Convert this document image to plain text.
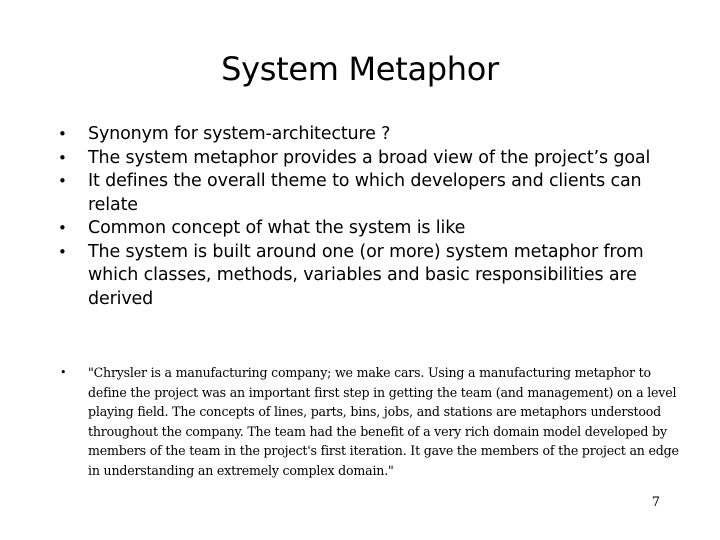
System Metaphor
• Synonym for system-architecture ?
• The system metaphor provides a broad view of the project’s goal
• It defines the overall theme to which developers and clients can relate
• Common concept of what the system is like
• The system is built around one (or more) system metaphor from which classes, methods, variables and basic responsibilities are derived
• "Chrysler is a manufacturing company; we make cars. Using a manufacturing metaphor to define the project was an important first step in getting the team (and management) on a level playing field. The concepts of lines, parts, bins, jobs, and stations are metaphors understood throughout the company. The team had the benefit of a very rich domain model developed by members of the team in the project's first iteration. It gave the members of the project an edge in understanding an extremely complex domain."
7
